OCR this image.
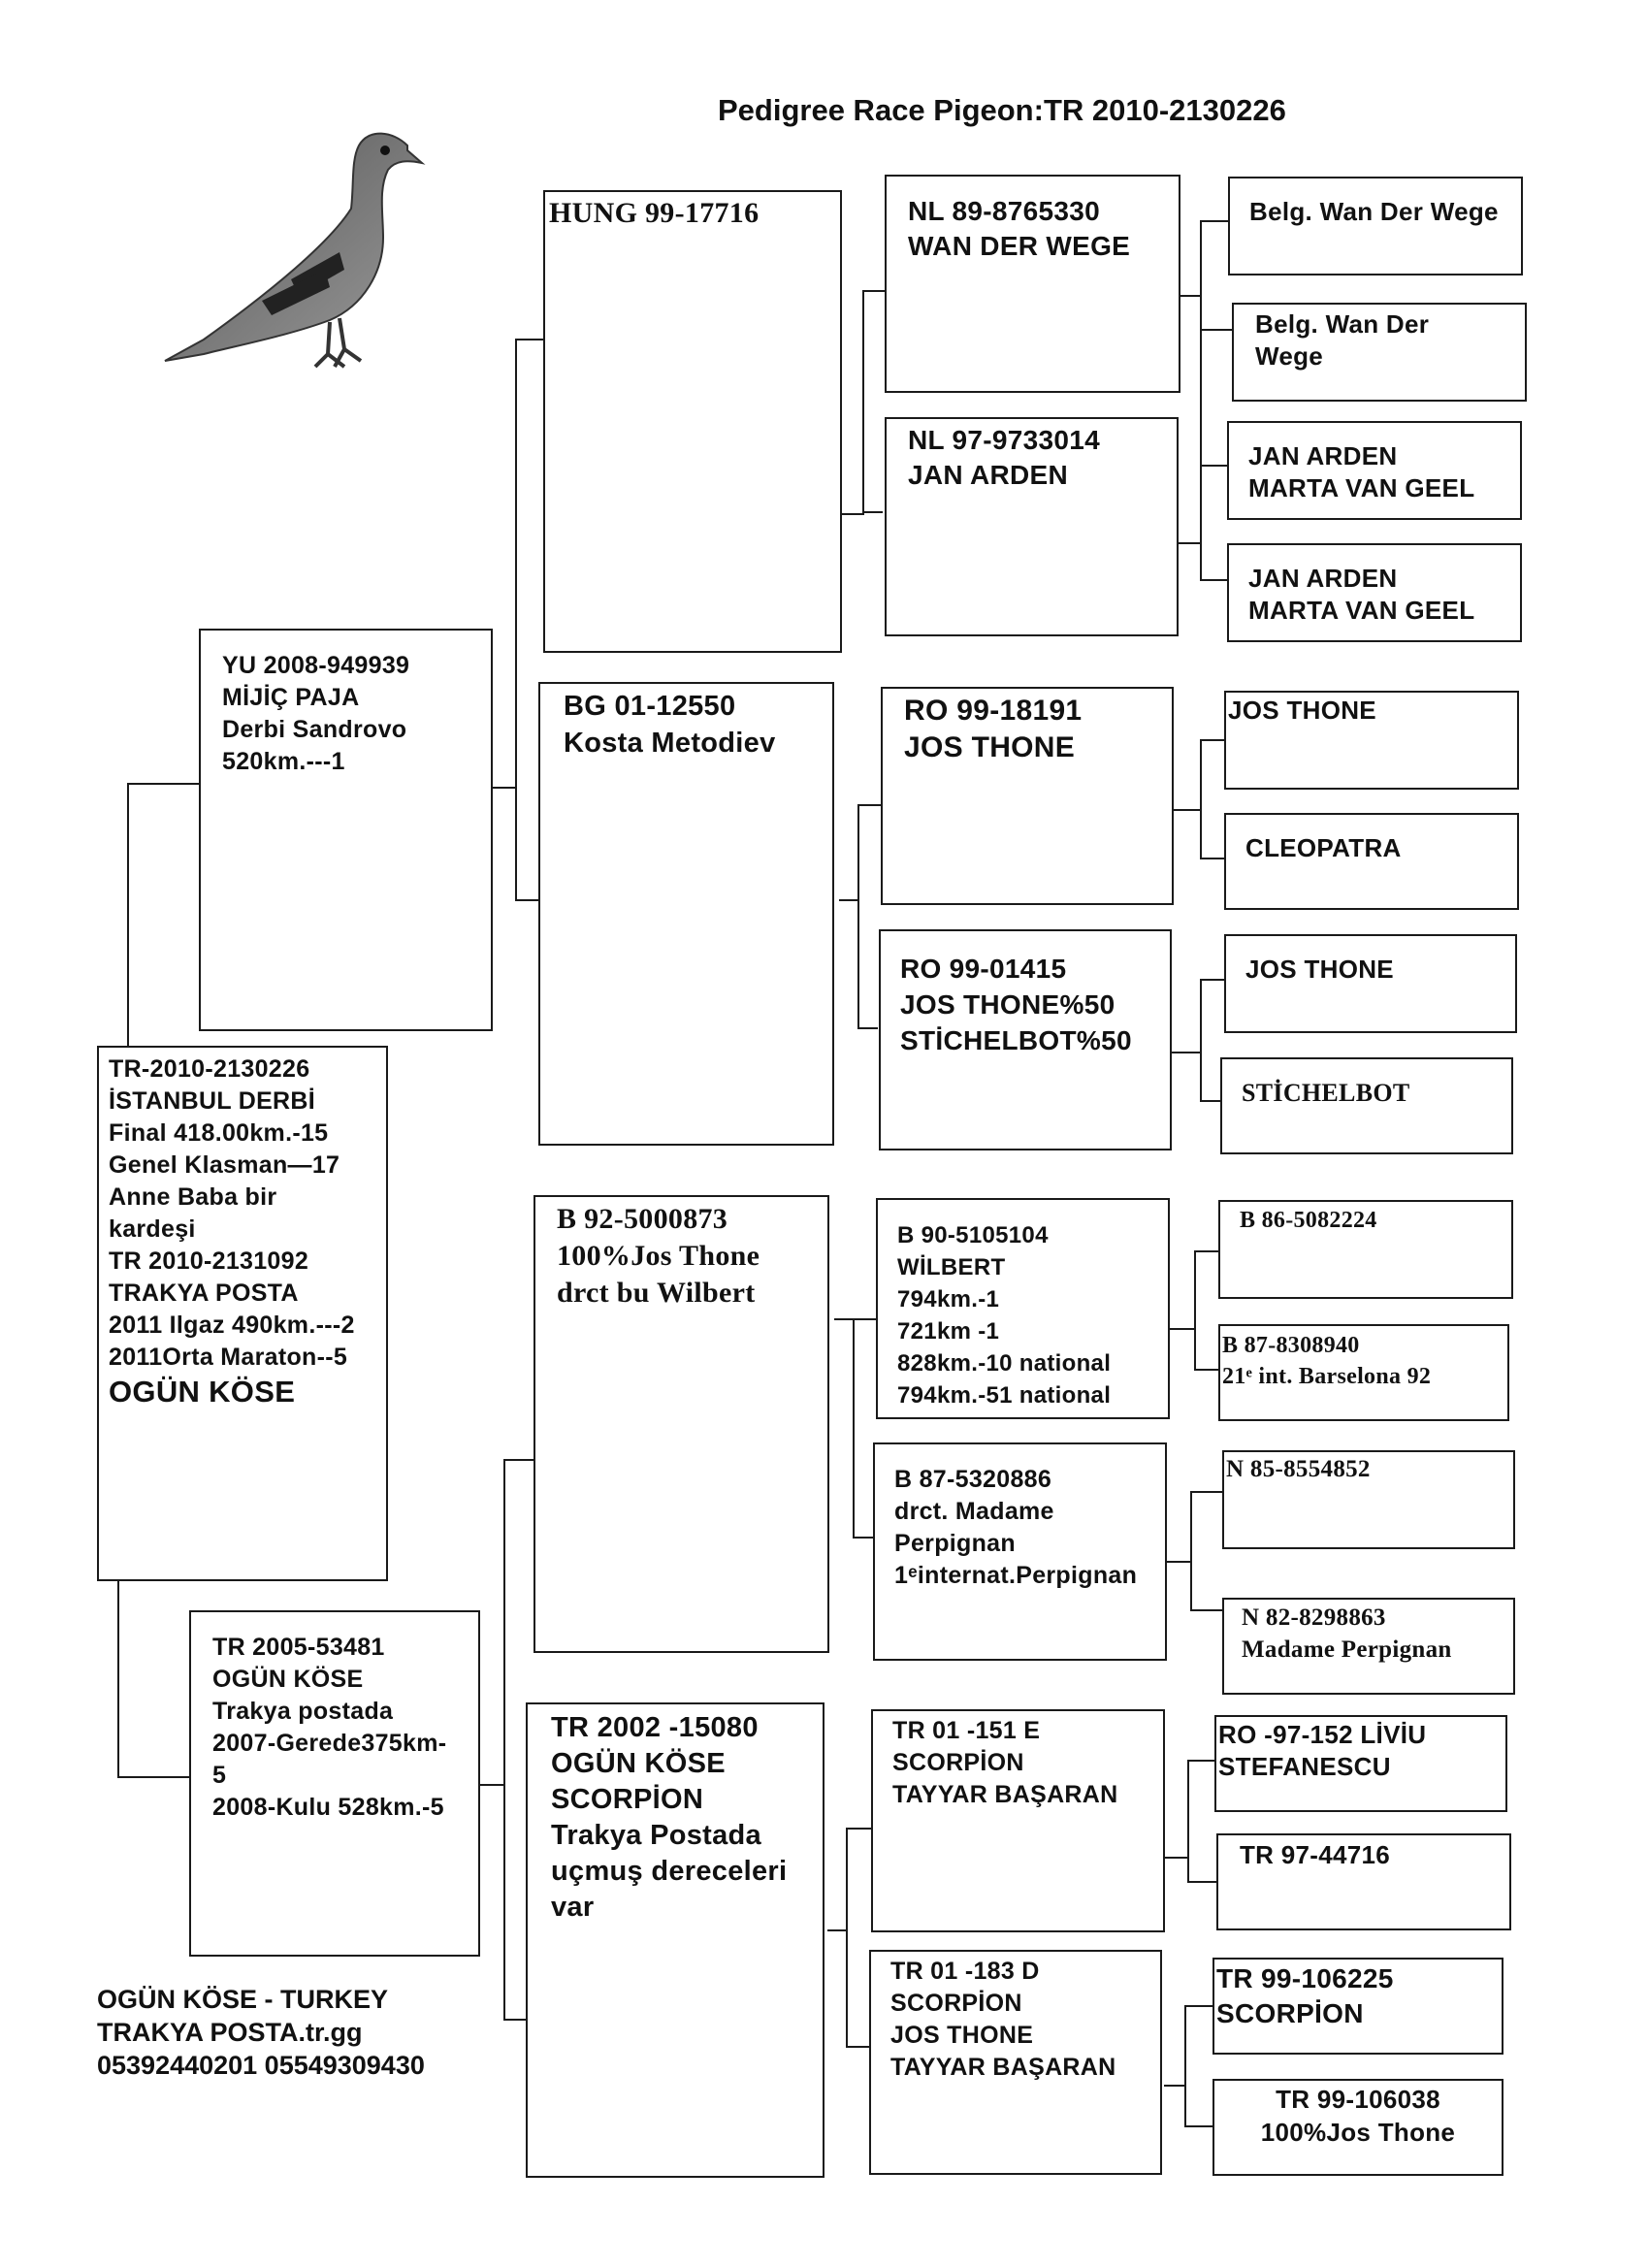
Pedigree Race Pigeon:TR 2010-2130226
TR-2010-2130226
İSTANBUL DERBİ
Final 418.00km.-15
Genel Klasman—17
Anne Baba bir
kardeşi
TR 2010-2131092
TRAKYA POSTA
2011 Ilgaz 490km.---2
2011Orta Maraton--5
OGÜN KÖSE
YU 2008-949939
MİJİÇ PAJA
Derbi Sandrovo
520km.---1
TR 2005-53481
OGÜN KÖSE
Trakya postada
2007-Gerede375km-5
2008-Kulu 528km.-5
HUNG 99-17716
BG 01-12550
Kosta Metodiev
B 92-5000873
100%Jos Thone
drct bu Wilbert
TR 2002 -15080
OGÜN KÖSE
SCORPİON
Trakya Postada
uçmuş dereceleri
var
NL 89-8765330
WAN DER WEGE
NL 97-9733014
JAN ARDEN
RO 99-18191
JOS THONE
RO 99-01415
JOS THONE%50
STİCHELBOT%50
B 90-5105104
WİLBERT
794km.-1
721km -1
828km.-10 national
794km.-51 national
B 87-5320886
drct. Madame
Perpignan
1ᵉinternat.Perpignan
TR 01 -151 E
SCORPİON
TAYYAR BAŞARAN
TR 01 -183 D
SCORPİON
JOS THONE
TAYYAR BAŞARAN
Belg. Wan Der Wege
Belg. Wan Der Wege
JAN ARDEN
MARTA VAN GEEL
JAN ARDEN
MARTA VAN GEEL
JOS THONE
CLEOPATRA
JOS THONE
STİCHELBOT
B 86-5082224
B 87-8308940
21ᵉ int. Barselona 92
N 85-8554852
N 82-8298863
Madame Perpignan
RO -97-152 LİVİU
STEFANESCU
TR 97-44716
TR 99-106225
SCORPİON
TR 99-106038
100%Jos Thone
OGÜN KÖSE - TURKEY
TRAKYA POSTA.tr.gg
05392440201 05549309430
